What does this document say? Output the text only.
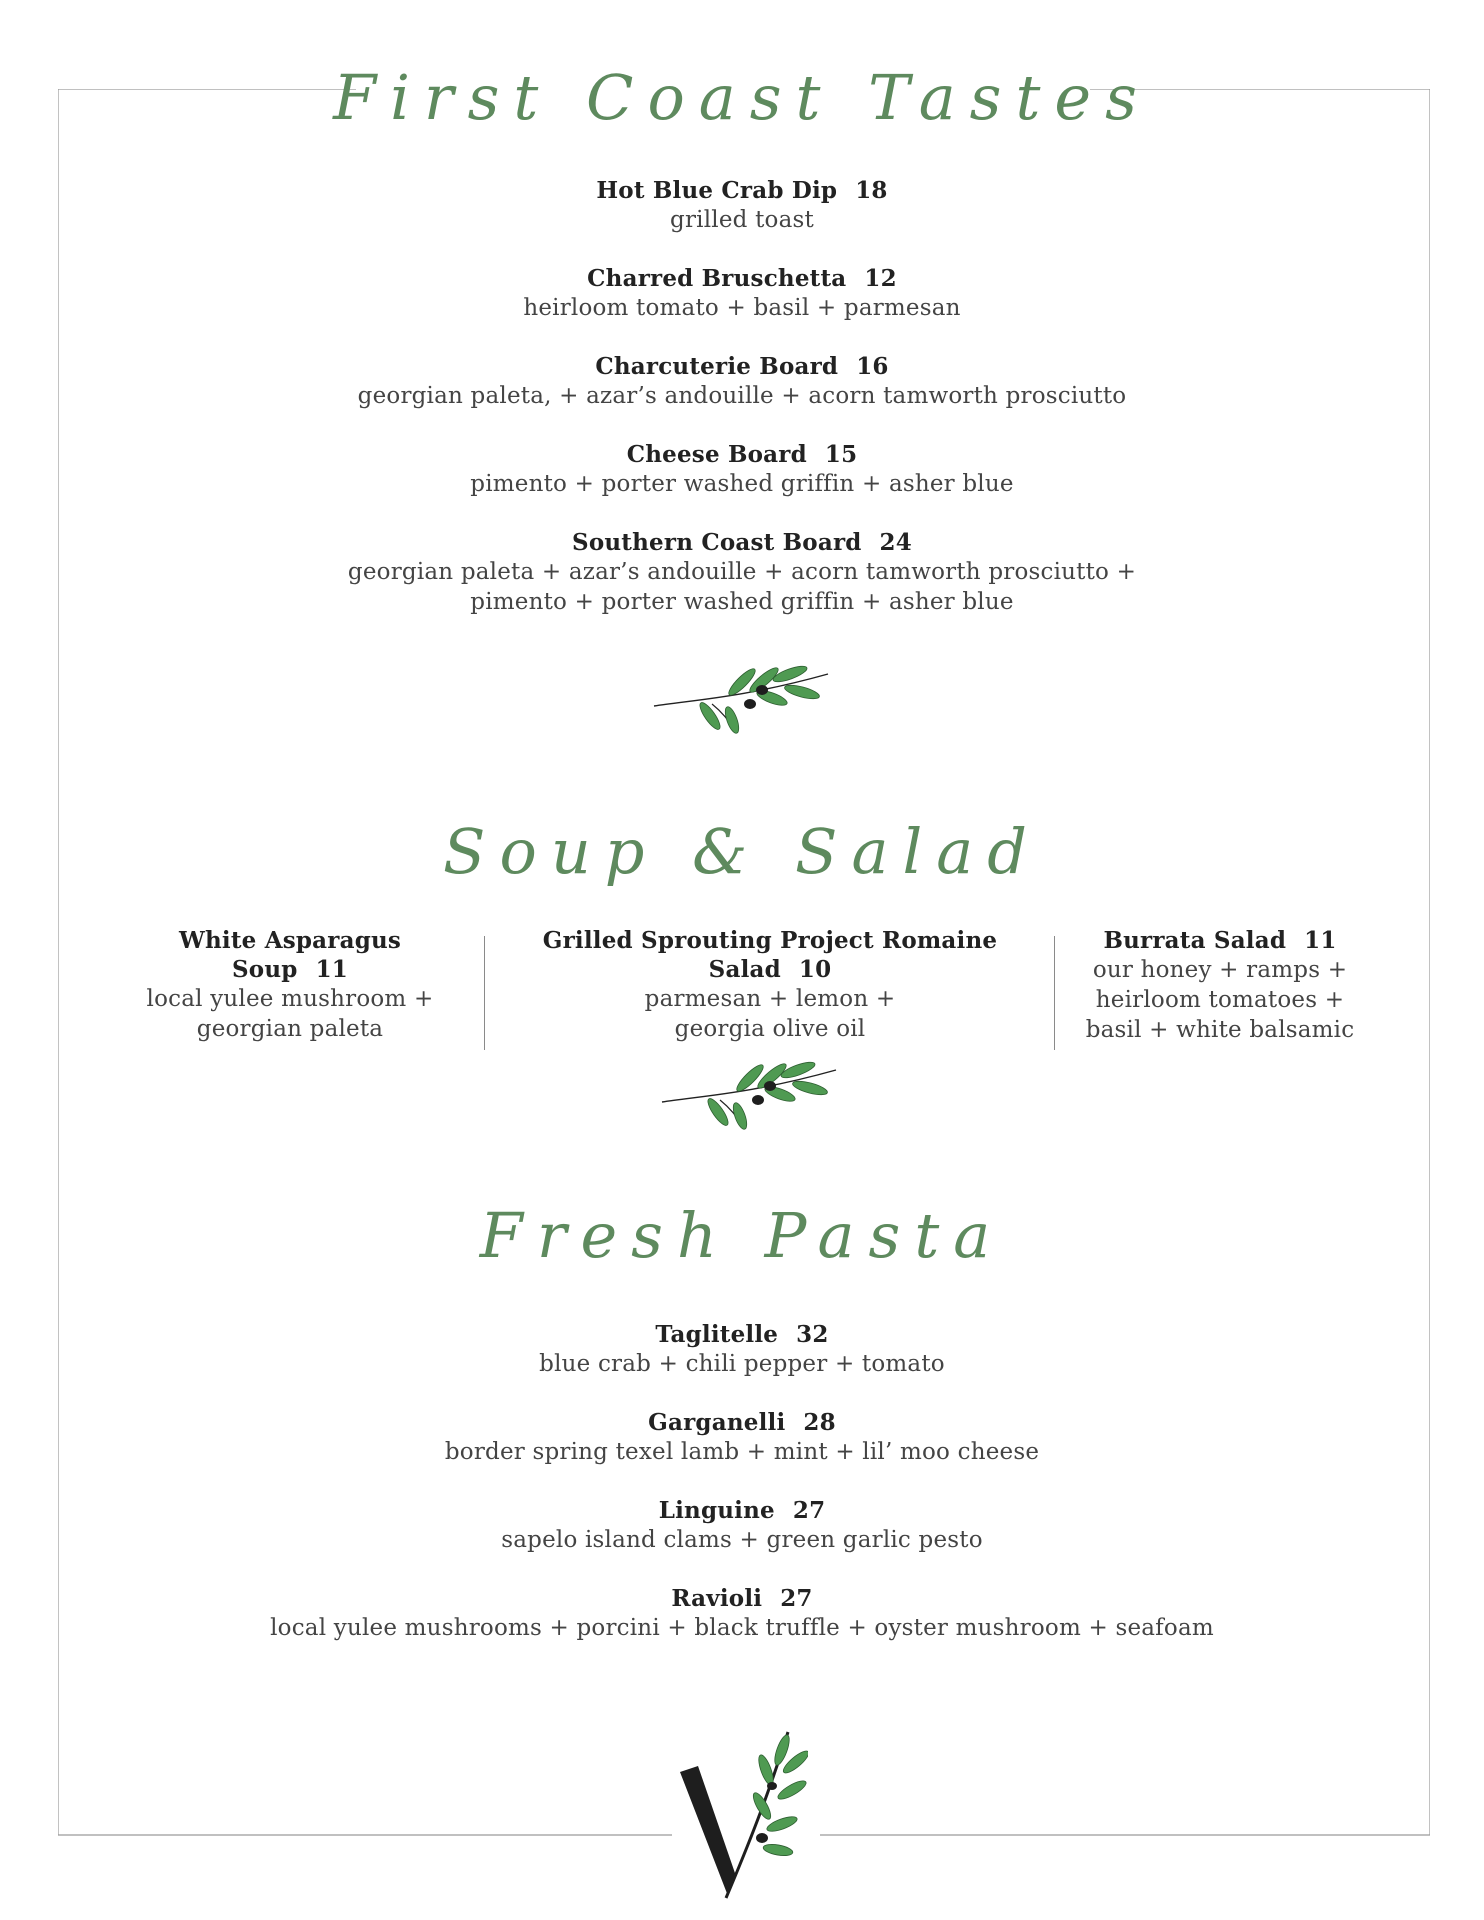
First Coast Tastes
Hot Blue Crab Dip 18
grilled toast
Charred Bruschetta 12
heirloom tomato + basil + parmesan
Charcuterie Board 16
georgian paleta, + azar’s andouille + acorn tamworth prosciutto
Cheese Board 15
pimento + porter washed griffin + asher blue
Southern Coast Board 24
georgian paleta + azar’s andouille + acorn tamworth prosciutto +
pimento + porter washed griffin + asher blue
Soup & Salad
White Asparagus Soup 11
local yulee mushroom +
georgian paleta
Grilled Sprouting Project Romaine Salad 10
parmesan + lemon +
georgia olive oil
Burrata Salad 11
our honey + ramps +
heirloom tomatoes +
basil + white balsamic
Fresh Pasta
Taglitelle 32
blue crab + chili pepper + tomato
Garganelli 28
border spring texel lamb + mint + lil’ moo cheese
Linguine 27
sapelo island clams + green garlic pesto
Ravioli 27
local yulee mushrooms + porcini + black truffle + oyster mushroom + seafoam
